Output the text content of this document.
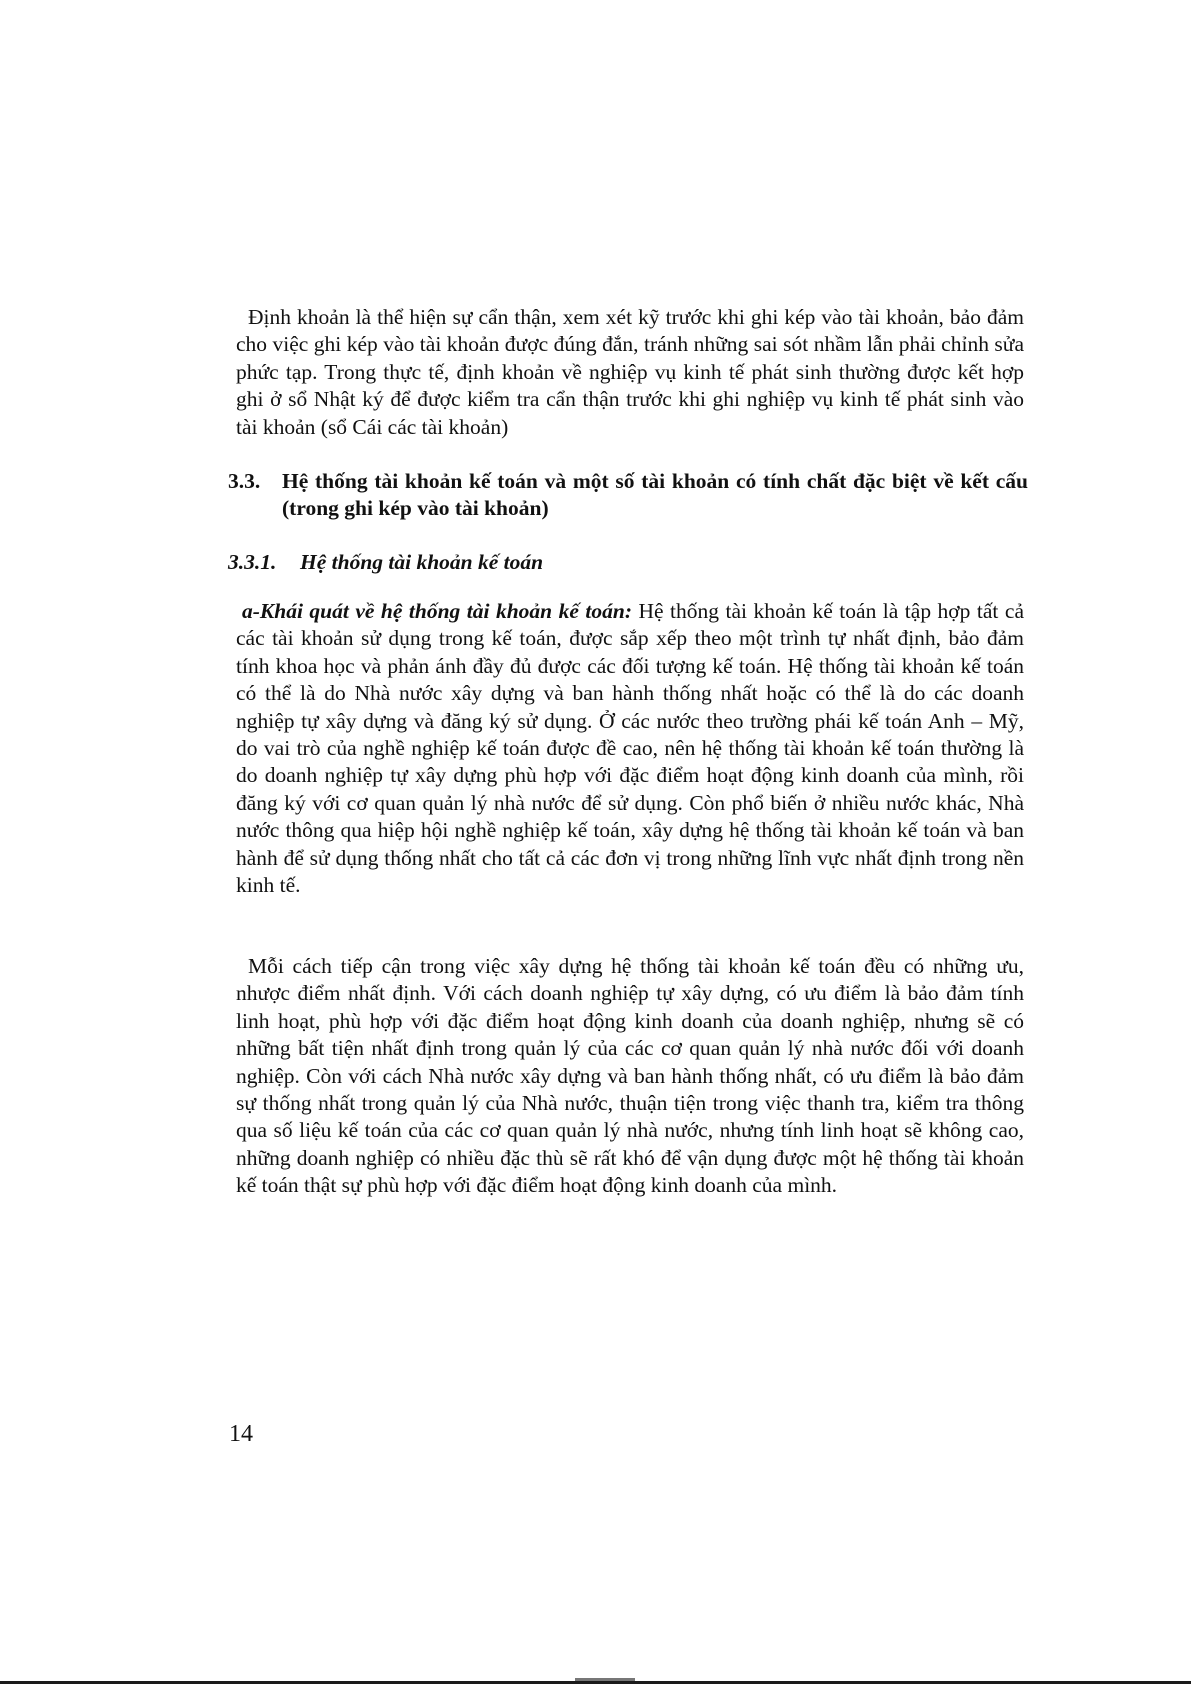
Định khoản là thể hiện sự cẩn thận, xem xét kỹ trước khi ghi kép vào tài khoản, bảo đảm cho việc ghi kép vào tài khoản được đúng đắn, tránh những sai sót nhầm lẫn phải chỉnh sửa phức tạp. Trong thực tế, định khoản về nghiệp vụ kinh tế phát sinh thường được kết hợp ghi ở sổ Nhật ký để được kiểm tra cẩn thận trước khi ghi nghiệp vụ kinh tế phát sinh vào tài khoản (sổ Cái các tài khoản)

3.3.	Hệ thống tài khoản kế toán và một số tài khoản có tính chất đặc biệt về kết cấu (trong ghi kép vào tài khoản)
3.3.1.	Hệ thống tài khoản kế toán

a-Khái quát về hệ thống tài khoản kế toán: Hệ thống tài khoản kế toán là tập hợp tất cả các tài khoản sử dụng trong kế toán, được sắp xếp theo một trình tự nhất định, bảo đảm tính khoa học và phản ánh đầy đủ được các đối tượng kế toán. Hệ thống tài khoản kế toán có thể là do Nhà nước xây dựng và ban hành thống nhất hoặc có thể là do các doanh nghiệp tự xây dựng và đăng ký sử dụng. Ở các nước theo trường phái kế toán Anh – Mỹ, do vai trò của nghề nghiệp kế toán được đề cao, nên hệ thống tài khoản kế toán thường là do doanh nghiệp tự xây dựng phù hợp với đặc điểm hoạt động kinh doanh của mình, rồi đăng ký với cơ quan quản lý nhà nước để sử dụng. Còn phổ biến ở nhiều nước khác, Nhà nước thông qua hiệp hội nghề nghiệp kế toán, xây dựng hệ thống tài khoản kế toán và ban hành để sử dụng thống nhất cho tất cả các đơn vị trong những lĩnh vực nhất định trong nền kinh tế.

Mỗi cách tiếp cận trong việc xây dựng hệ thống tài khoản kế toán đều có những ưu, nhược điểm nhất định. Với cách doanh nghiệp tự xây dựng, có ưu điểm là bảo đảm tính linh hoạt, phù hợp với đặc điểm hoạt động kinh doanh của doanh nghiệp, nhưng sẽ có những bất tiện nhất định trong quản lý của các cơ quan quản lý nhà nước đối với doanh nghiệp. Còn với cách Nhà nước xây dựng và ban hành thống nhất, có ưu điểm là bảo đảm sự thống nhất trong quản lý của Nhà nước, thuận tiện trong việc thanh tra, kiểm tra thông qua số liệu kế toán của các cơ quan quản lý nhà nước, nhưng tính linh hoạt sẽ không cao, những doanh nghiệp có nhiều đặc thù sẽ rất khó để vận dụng được một hệ thống tài khoản kế toán thật sự phù hợp với đặc điểm hoạt động kinh doanh của mình.

14
